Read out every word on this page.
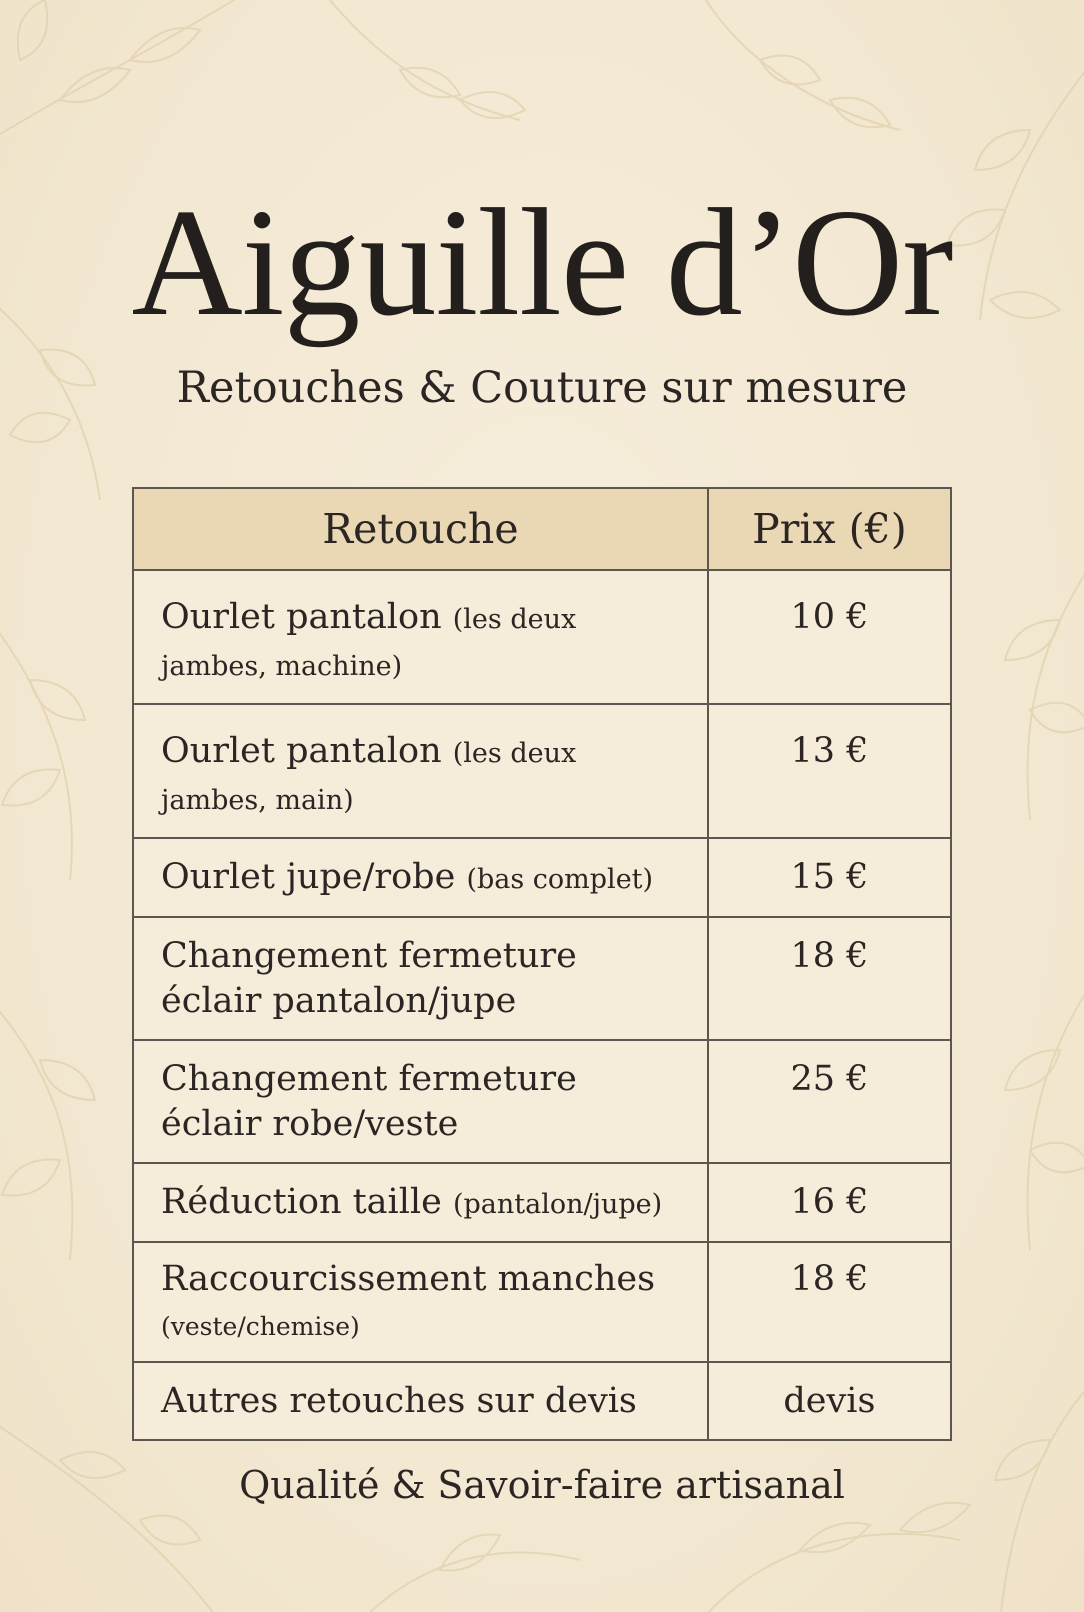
Aiguille d’Or
Retouches & Couture sur mesure
Retouche	Prix (€)
Ourlet pantalon (les deux jambes, machine)	10 €
Ourlet pantalon (les deux jambes, main)	13 €
Ourlet jupe/robe (bas complet)	15 €
Changement fermeture éclair pantalon/jupe	18 €
Changement fermeture éclair robe/veste	25 €
Réduction taille (pantalon/jupe)	16 €
Raccourcissement manches
(veste/chemise)	18 €
Autres retouches sur devis	devis
Qualité & Savoir-faire artisanal
